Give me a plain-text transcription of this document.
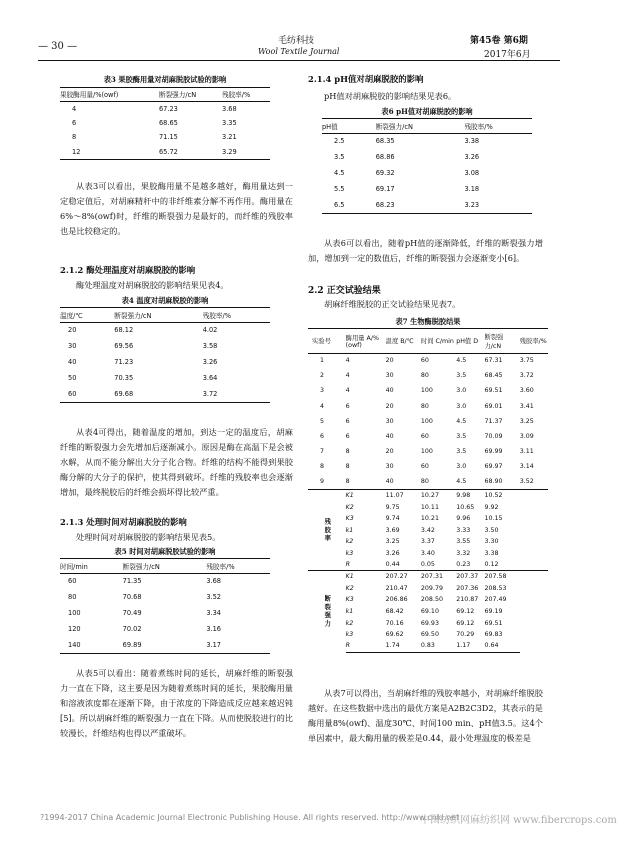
— 30 —	毛纺科技
Wool Textile Journal
第45卷 第6期
2017年6月
表3 果胶酶用量对胡麻脱胶试验的影响
果胶酶用量/%(owf)	断裂强力/cN	残胶率/%
4	67.23	3.68
6	68.65	3.35
8	71.15	3.21
12	65.72	3.29

从表3可以看出，果胶酶用量不是越多越好，酶用量达到一定稳定值后，对胡麻精秆中的非纤维素分解不再作用。酶用量在6%～8%(owf)时，纤维的断裂强力是最好的，而纤维的残胶率也是比较稳定的。

2.1.2 酶处理温度对胡麻脱胶的影响

酶处理温度对胡麻脱胶的影响结果见表4。

表4 温度对胡麻脱胶的影响
温度/℃	断裂强力/cN	残胶率/%
20	68.12	4.02
30	69.56	3.58
40	71.23	3.26
50	70.35	3.64
60	69.68	3.72

从表4可得出，随着温度的增加，到达一定的温度后，胡麻纤维的断裂强力会先增加后逐渐减小。原因是酶在高温下是会被水解，从而不能分解出大分子化合物。纤维的结构不能得到果胶酶分解的大分子的保护，使其得到破坏。纤维的残胶率也会逐渐增加，最终脱胶后的纤维会损坏得比较严重。

2.1.3 处理时间对胡麻脱胶的影响

处理时间对胡麻脱胶的影响结果见表5。

表5 时间对胡麻脱胶试验的影响
时间/min	断裂强力/cN	残胶率/%
60	71.35	3.68
80	70.68	3.52
100	70.49	3.34
120	70.02	3.16
140	69.89	3.17

从表5可以看出：随着煮练时间的延长，胡麻纤维的断裂强力一直在下降，这主要是因为随着煮练时间的延长，果胶酶用量和溶液浓度都在逐渐下降，由于浓度的下降造成反应越来越迟钝[5]。所以胡麻纤维的断裂强力一直在下降。从而使脱胶进行的比较漫长，纤维结构也得以严重破坏。

2.1.4 pH值对胡麻脱胶的影响

pH值对胡麻脱胶的影响结果见表6。

表6 pH值对胡麻脱胶的影响
pH值	断裂强力/cN	残胶率/%
2.5	68.35	3.38
3.5	68.86	3.26
4.5	69.32	3.08
5.5	69.17	3.18
6.5	68.23	3.23

从表6可以看出，随着pH值的逐渐降低，纤维的断裂强力增加，增加到一定的数值后，纤维的断裂强力会逐渐变小[6]。

2.2 正交试验结果

胡麻纤维脱胶的正交试验结果见表7。

表7 生物酶脱胶结果
实验号	酶用量 A/%(owf)	温度 B/℃	时间 C/min	pH值 D	断裂强力/cN	残胶率/%
1	4	20	60	4.5	67.31	3.75
2	4	30	80	3.5	68.45	3.72
3	4	40	100	3.0	69.51	3.60
4	6	20	80	3.0	69.01	3.41
5	6	30	100	4.5	71.37	3.25
6	6	40	60	3.5	70.09	3.09
7	8	20	100	3.5	69.99	3.11
8	8	30	60	3.0	69.97	3.14
9	8	40	80	4.5	68.90	3.52
残胶率	K1	11.07	10.27	9.98	10.52	
	K2	9.75	10.11	10.65	9.92	
	K3	9.74	10.21	9.96	10.15	
	k1	3.69	3.42	3.33	3.50	
	k2	3.25	3.37	3.55	3.30	
	k3	3.26	3.40	3.32	3.38	
	R	0.44	0.05	0.23	0.12	
断裂强力	K1	207.27	207.31	207.37	207.58	
	K2	210.47	209.79	207.36	208.53	
	K3	206.86	208.50	210.87	207.49	
	k1	68.42	69.10	69.12	69.19	
	k2	70.16	69.93	69.12	69.51	
	k3	69.62	69.50	70.29	69.83	
	R	1.74	0.83	1.17	0.64	

从表7可以得出，当胡麻纤维的残胶率越小，对胡麻纤维脱胶越好。在这些数据中选出的最优方案是A2B2C3D2，其表示的是酶用量8%(owf)、温度30℃、时间100 min、pH值3.5。这4个单因素中，最大酶用量的极差是0.44，最小处理温度的极差是

?1994-2017 China Academic Journal Electronic Publishing House. All rights reserved. http://www.cnki.net
中国纺织网麻纺织网 www.fibercrops.com
